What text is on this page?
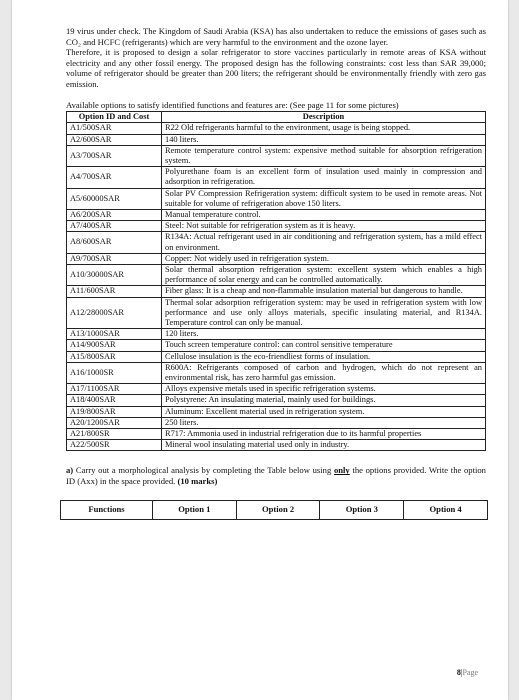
19 virus under check. The Kingdom of Saudi Arabia (KSA) has also undertaken to reduce the emissions of gases such as CO₂ and HCFC (refrigerants) which are very harmful to the environment and the ozone layer.

Therefore, it is proposed to design a solar refrigerator to store vaccines particularly in remote areas of KSA without electricity and any other fossil energy. The proposed design has the following constraints: cost less than SAR 39,000; volume of refrigerator should be greater than 200 liters; the refrigerant should be environmentally friendly with zero gas emission.

Available options to satisfy identified functions and features are: (See page 11 for some pictures)

Option ID and Cost	Description
A1/500SAR	R22 Old refrigerants harmful to the environment, usage is being stopped.
A2/600SAR	140 liters.
A3/700SAR	Remote temperature control system: expensive method suitable for absorption refrigeration system.
A4/700SAR	Polyurethane foam is an excellent form of insulation used mainly in compression and adsorption in refrigeration.
A5/60000SAR	Solar PV Compression Refrigeration system: difficult system to be used in remote areas. Not suitable for volume of refrigeration above 150 liters.
A6/200SAR	Manual temperature control.
A7/400SAR	Steel: Not suitable for refrigeration system as it is heavy.
A8/600SAR	R134A: Actual refrigerant used in air conditioning and refrigeration system, has a mild effect on environment.
A9/700SAR	Copper: Not widely used in refrigeration system.
A10/30000SAR	Solar thermal absorption refrigeration system: excellent system which enables a high performance of solar energy and can be controlled automatically.
A11/600SAR	Fiber glass: It is a cheap and non-flammable insulation material but dangerous to handle.
A12/28000SAR	Thermal solar adsorption refrigeration system: may be used in refrigeration system with low performance and use only alloys materials, specific insulating material, and R134A. Temperature control can only be manual.
A13/1000SAR	120 liters.
A14/900SAR	Touch screen temperature control: can control sensitive temperature
A15/800SAR	Cellulose insulation is the eco-friendliest forms of insulation.
A16/1000SR	R600A: Refrigerants composed of carbon and hydrogen, which do not represent an environmental risk, has zero harmful gas emission.
A17/1100SAR	Alloys expensive metals used in specific refrigeration systems.
A18/400SAR	Polystyrene: An insulating material, mainly used for buildings.
A19/800SAR	Aluminum: Excellent material used in refrigeration system.
A20/1200SAR	250 liters.
A21/800SR	R717: Ammonia used in industrial refrigeration due to its harmful properties
A22/500SR	Mineral wool insulating material used only in industry.

a) Carry out a morphological analysis by completing the Table below using only the options provided. Write the option ID (Axx) in the space provided. (10 marks)

Functions	Option 1	Option 2	Option 3	Option 4
8|Page
